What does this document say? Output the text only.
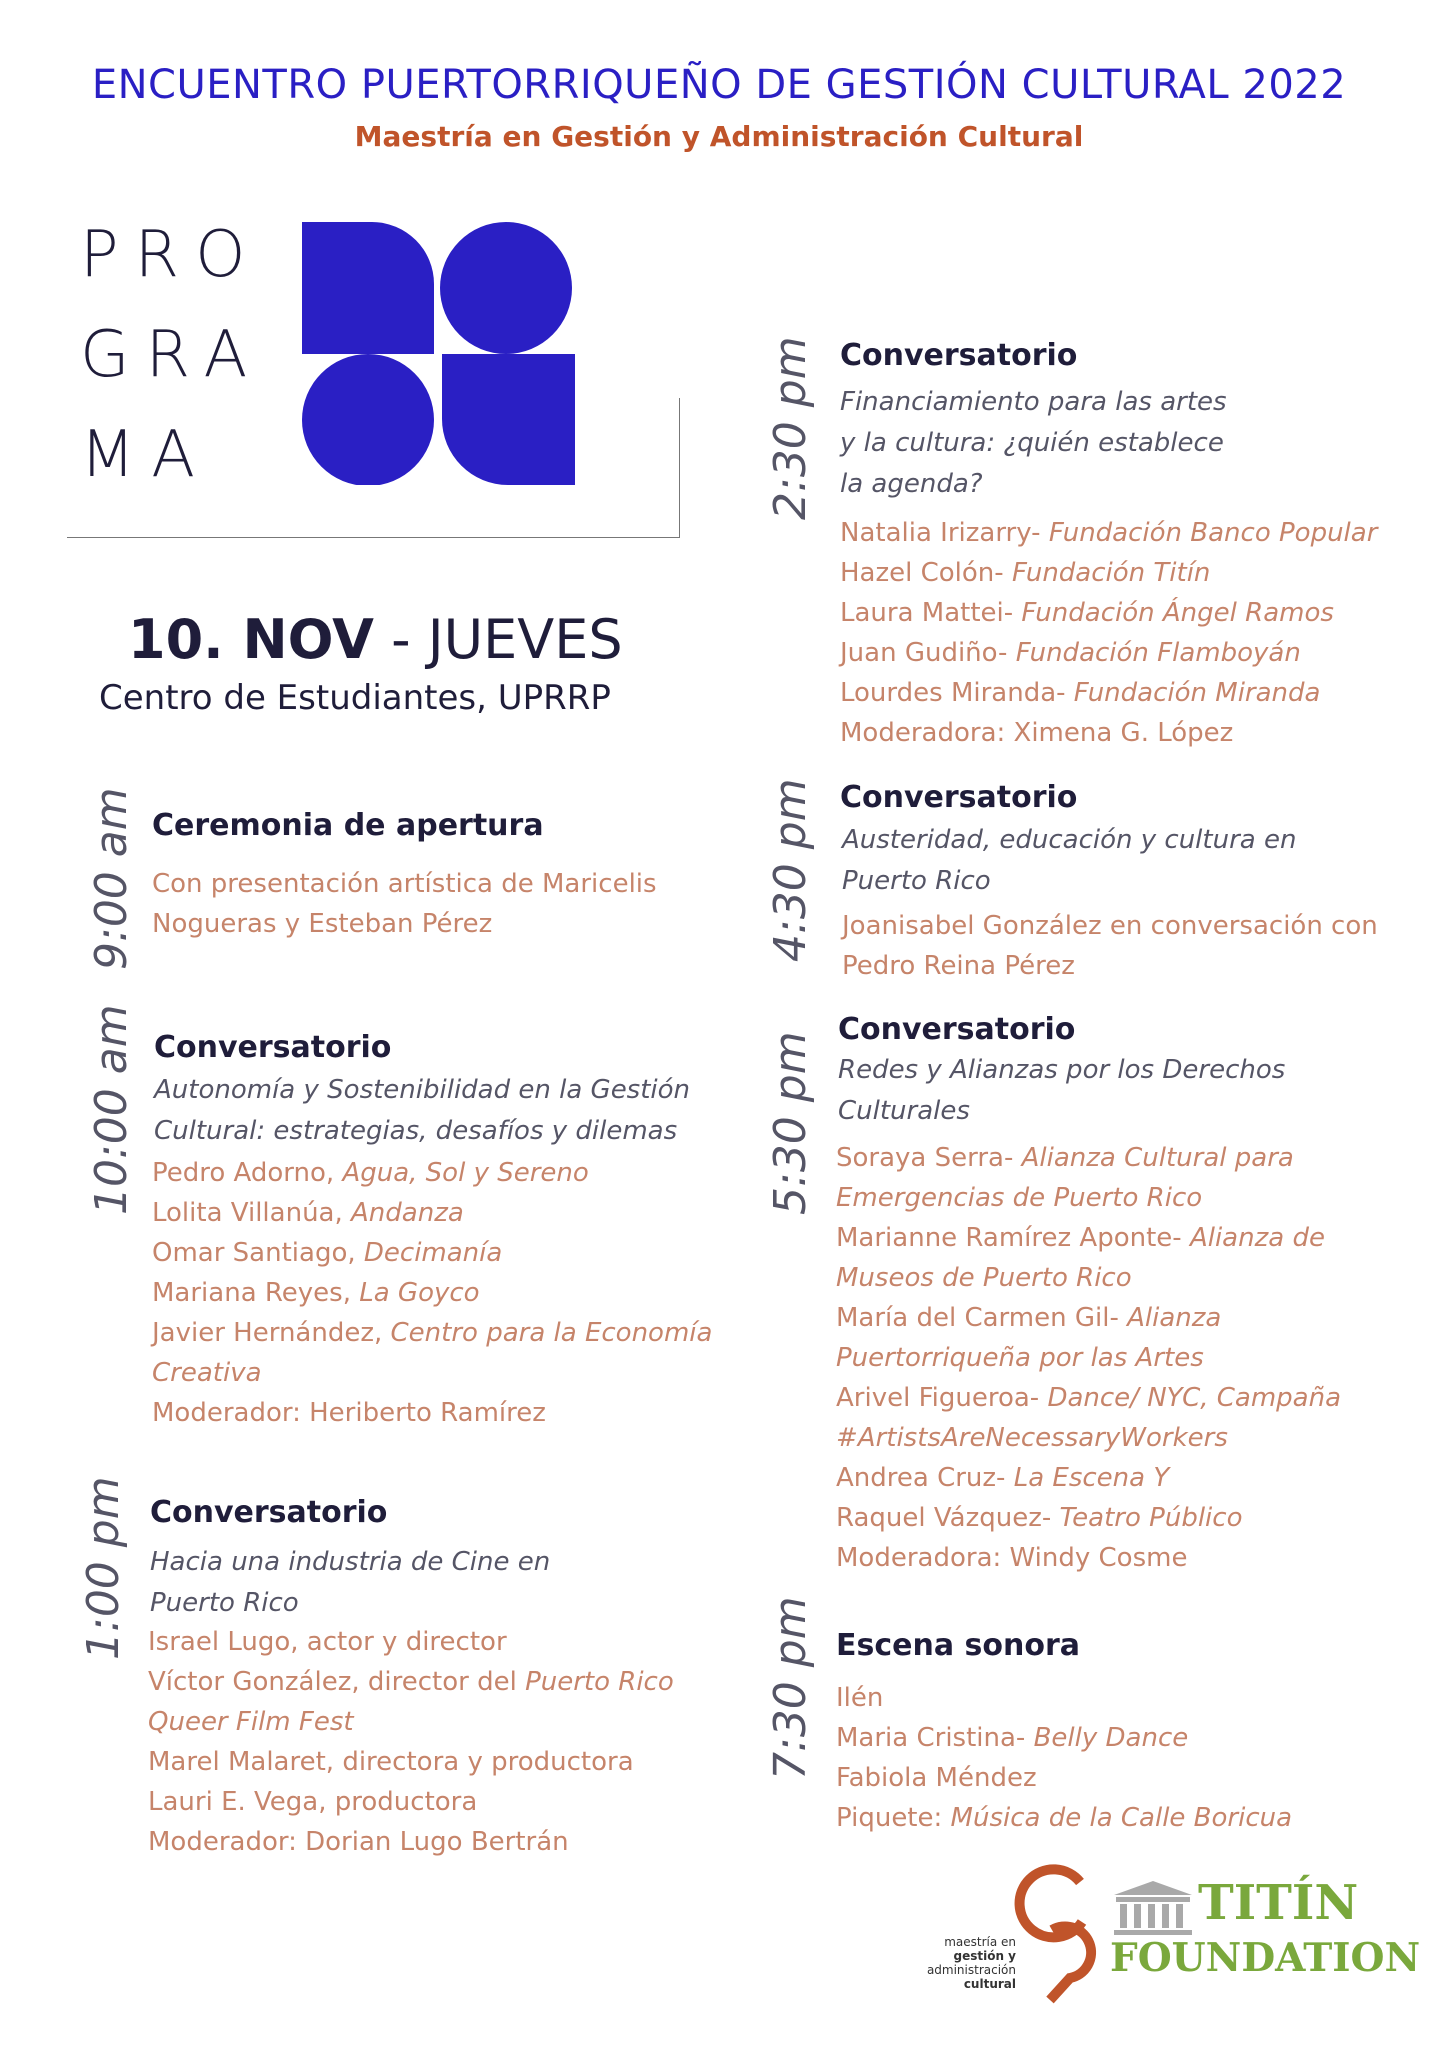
ENCUENTRO PUERTORRIQUEÑO DE GESTIÓN CULTURAL 2022
Maestría en Gestión y Administración Cultural
PRO
GRA
MA
10. NOV - JUEVES
Centro de Estudiantes, UPRRP
9:00 am Ceremonia de apertura
Con presentación artística de Maricelis
Nogueras y Esteban Pérez
10:00 am Conversatorio
Autonomía y Sostenibilidad en la Gestión
Cultural: estrategias, desafíos y dilemas
Pedro Adorno, Agua, Sol y Sereno
Lolita Villanúa, Andanza
Omar Santiago, Decimanía
Mariana Reyes, La Goyco
Javier Hernández, Centro para la Economía
Creativa
Moderador: Heriberto Ramírez
1:00 pm Conversatorio
Hacia una industria de Cine en
Puerto Rico
Israel Lugo, actor y director
Víctor González, director del Puerto Rico
Queer Film Fest
Marel Malaret, directora y productora
Lauri E. Vega, productora
Moderador: Dorian Lugo Bertrán
2:30 pm Conversatorio
Financiamiento para las artes
y la cultura: ¿quién establece
la agenda?
Natalia Irizarry- Fundación Banco Popular
Hazel Colón- Fundación Titín
Laura Mattei- Fundación Ángel Ramos
Juan Gudiño- Fundación Flamboyán
Lourdes Miranda- Fundación Miranda
Moderadora: Ximena G. López
4:30 pm Conversatorio
Austeridad, educación y cultura en
Puerto Rico
Joanisabel González en conversación con
Pedro Reina Pérez
5:30 pm
Conversatorio
Redes y Alianzas por los Derechos
Culturales
Soraya Serra- Alianza Cultural para
Emergencias de Puerto Rico
Marianne Ramírez Aponte- Alianza de
Museos de Puerto Rico
María del Carmen Gil- Alianza
Puertorriqueña por las Artes
Arivel Figueroa- Dance/ NYC, Campaña
#ArtistsAreNecessaryWorkers
Andrea Cruz- La Escena Y
Raquel Vázquez- Teatro Público
Moderadora: Windy Cosme
7:30 pm Escena sonora
Ilén
Maria Cristina- Belly Dance
Fabiola Méndez
Piquete: Música de la Calle Boricua
maestría en
gestión y
administración
cultural
TITÍN
FOUNDATION
